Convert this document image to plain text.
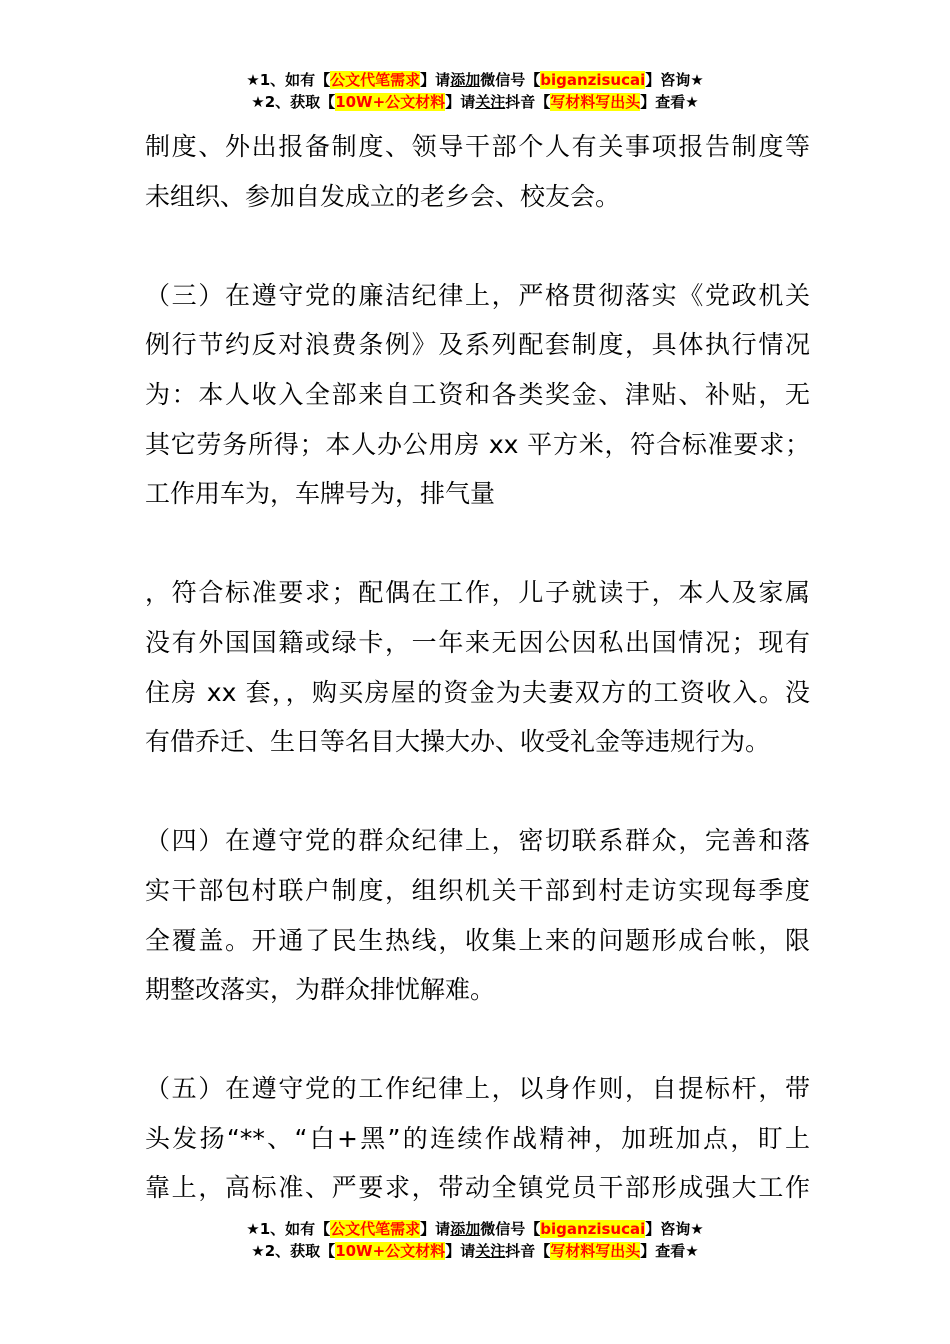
★1、如有【公文代笔需求】请添加微信号【biganzisucai】咨询★
★2、获取【10W+公文材料】请关注抖音【写材料写出头】查看★
制度、外出报备制度、领导干部个人有关事项报告制度等
未组织、参加自发成立的老乡会、校友会。
（三）在遵守党的廉洁纪律上，严格贯彻落实《党政机关
例行节约反对浪费条例》及系列配套制度，具体执行情况
为：本人收入全部来自工资和各类奖金、津贴、补贴，无
其它劳务所得；本人办公用房 xx 平方米，符合标准要求；
工作用车为，车牌号为，排气量
，符合标准要求；配偶在工作，儿子就读于，本人及家属
没有外国国籍或绿卡，一年来无因公因私出国情况；现有
住房 xx 套，，购买房屋的资金为夫妻双方的工资收入。没
有借乔迁、生日等名目大操大办、收受礼金等违规行为。
（四）在遵守党的群众纪律上，密切联系群众，完善和落
实干部包村联户制度，组织机关干部到村走访实现每季度
全覆盖。开通了民生热线，收集上来的问题形成台帐，限
期整改落实，为群众排忧解难。
（五）在遵守党的工作纪律上，以身作则，自提标杆，带
头发扬“**、“白+黑”的连续作战精神，加班加点，盯上
靠上，高标准、严要求，带动全镇党员干部形成强大工作
★1、如有【公文代笔需求】请添加微信号【biganzisucai】咨询★
★2、获取【10W+公文材料】请关注抖音【写材料写出头】查看★
